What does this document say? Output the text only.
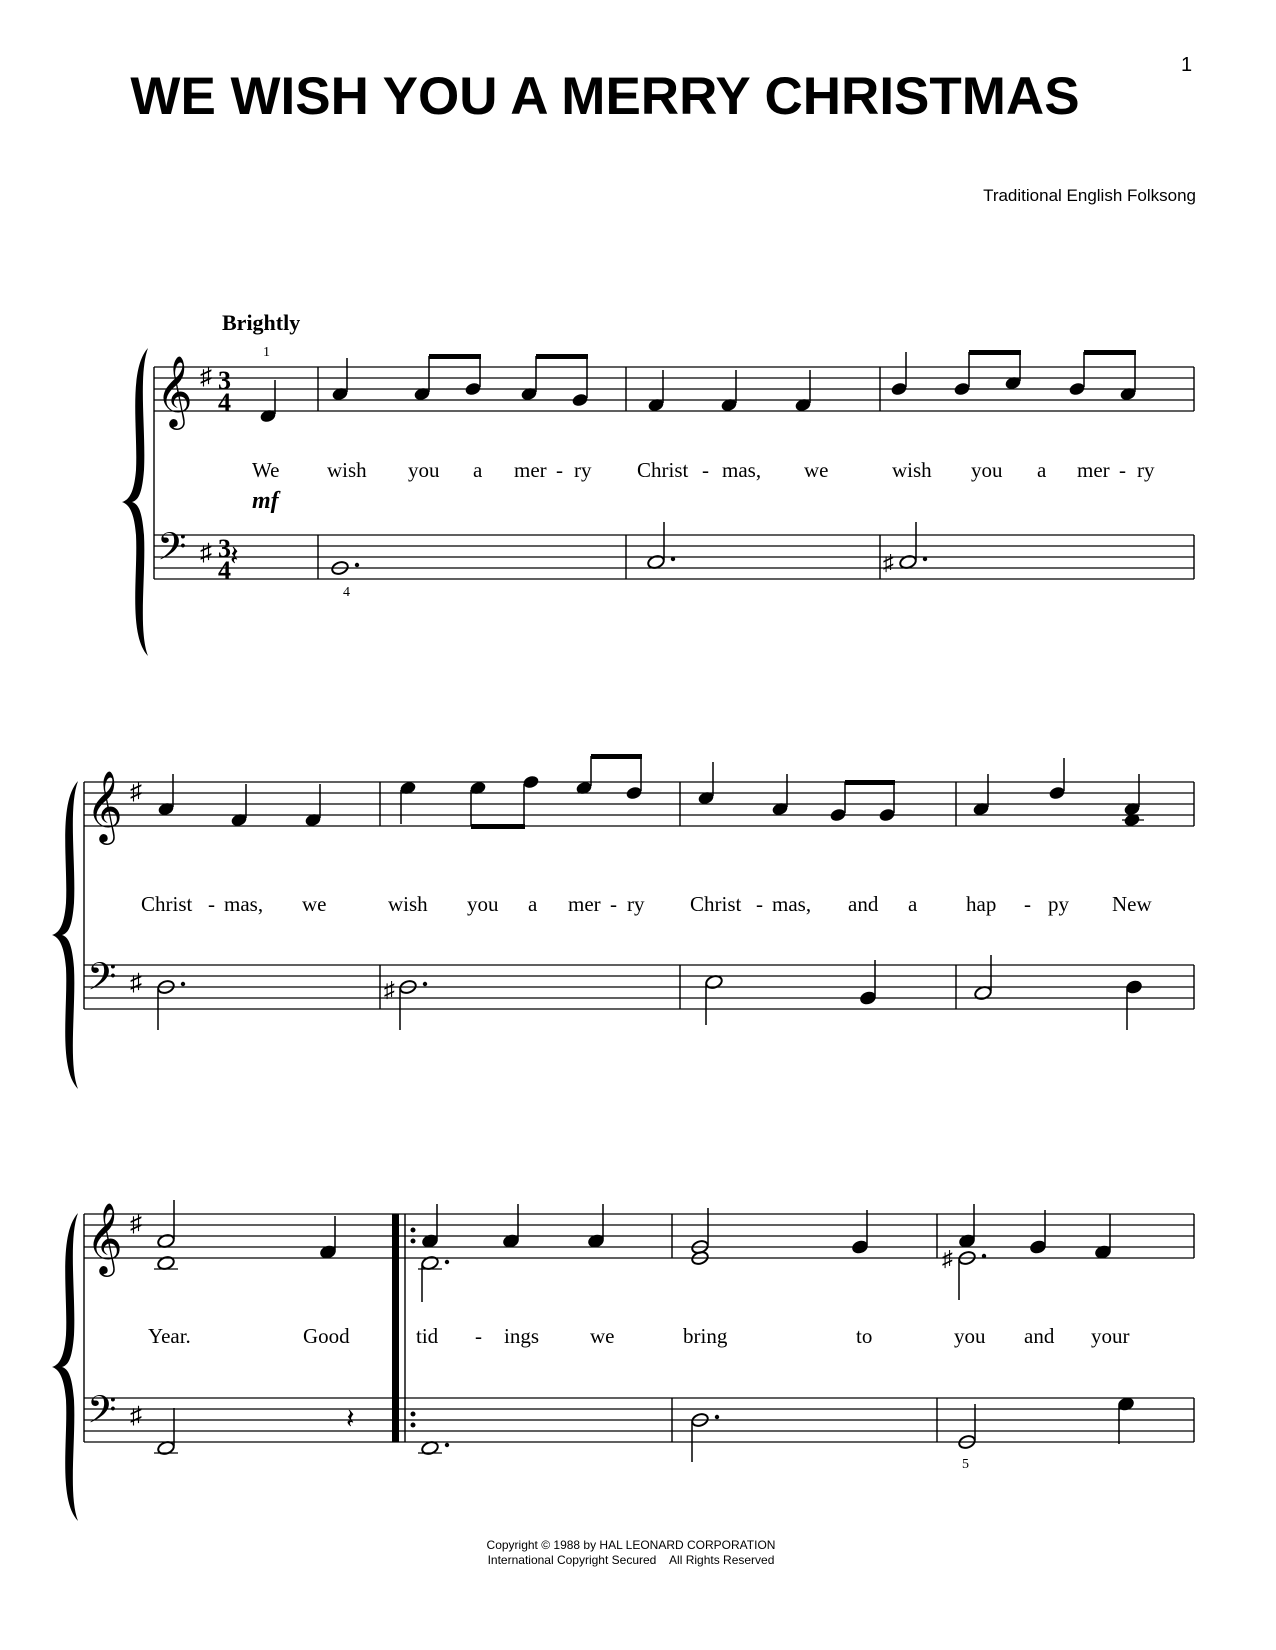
WE WISH YOU A MERRY CHRISTMAS
1
Traditional English Folksong
Brightly
𝄞
𝄢
♯
♯
3
4
3
4
1
4
mf
𝄽	♯
We wish you a mer - ry Christ - mas, we	wish you a mer - ry
𝄞
𝄢
♯
♯	♯
Christ - mas, we	wish you a mer - ry Christ - mas, and a hap - py New
𝄞
𝄢
♯
♯	𝄽
♯
5
Year.	Good	tid - ings we	bring	to	you and your
Copyright © 1988 by HAL LEONARD CORPORATION
International Copyright Secured    All Rights Reserved
